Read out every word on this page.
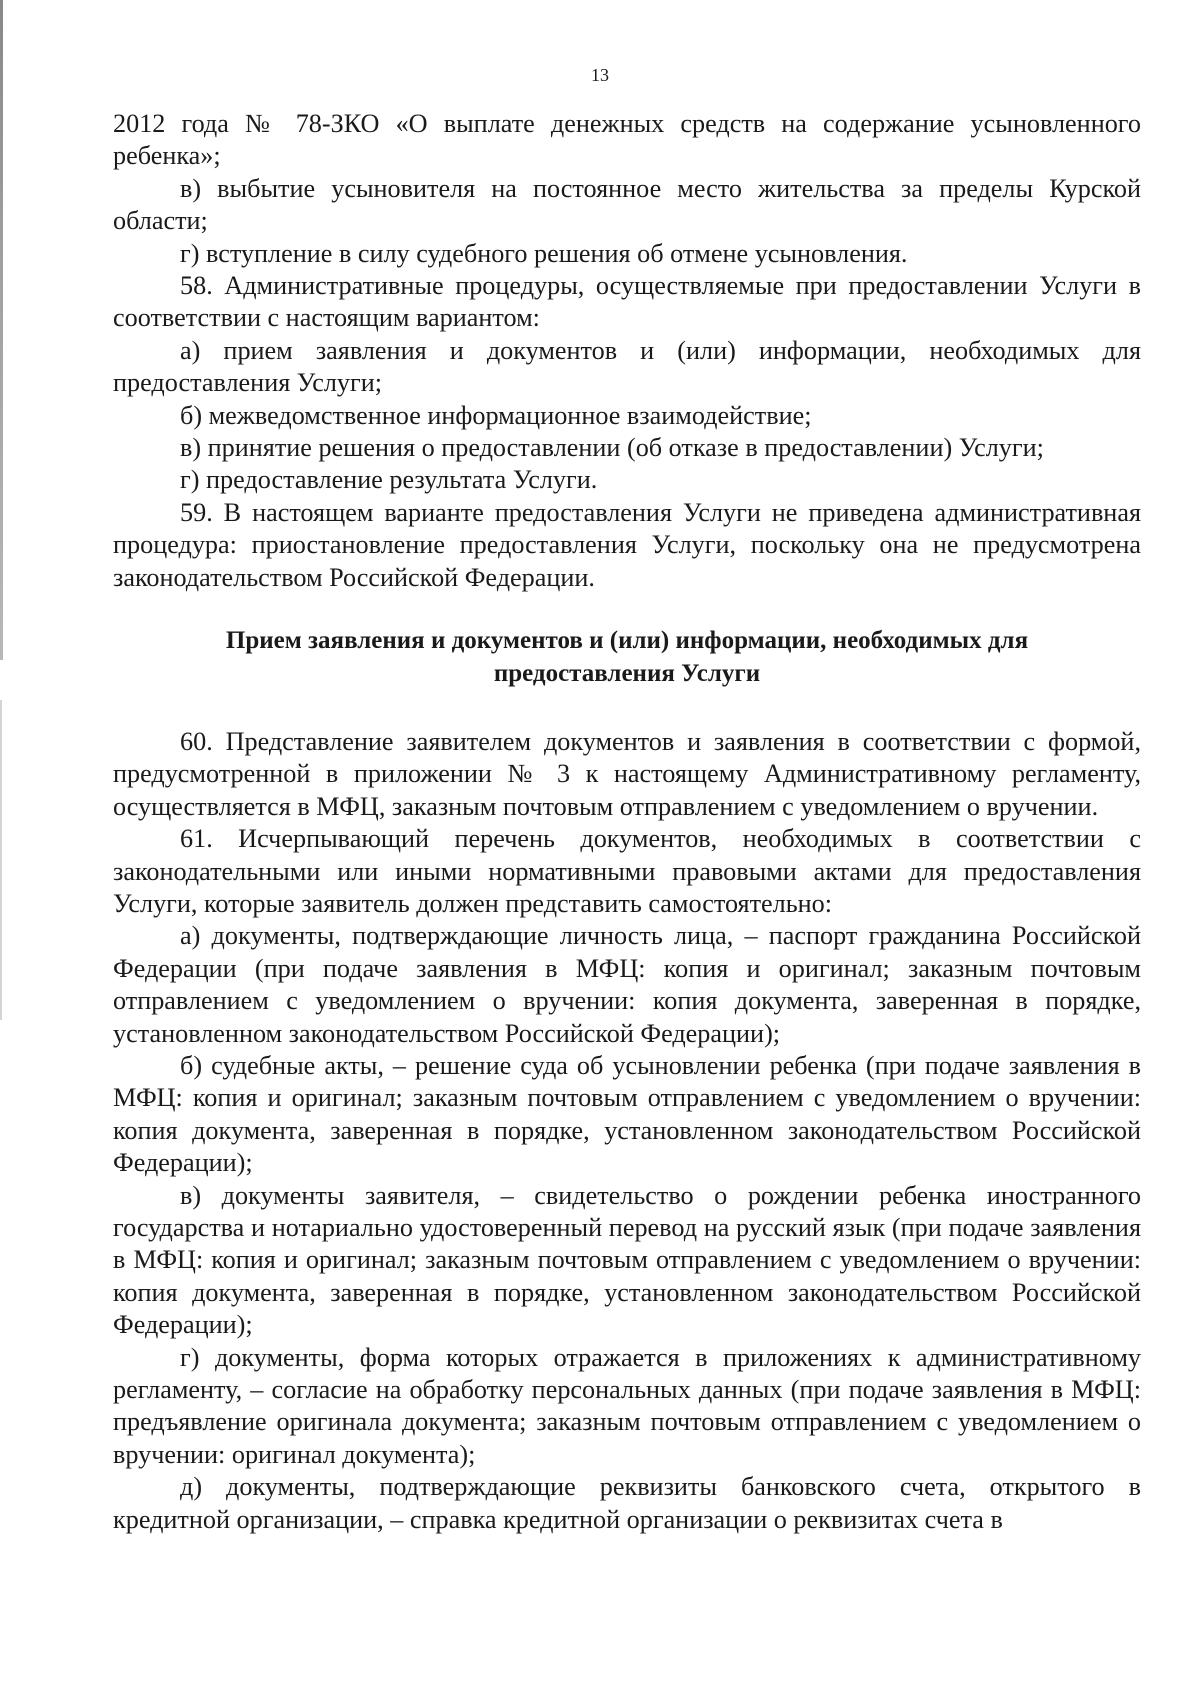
13

2012 года № 78-ЗКО «О выплате денежных средств на содержание усыновленного ребенка»;

в) выбытие усыновителя на постоянное место жительства за пределы Курской области;

г) вступление в силу судебного решения об отмене усыновления.

58. Административные процедуры, осуществляемые при предоставлении Услуги в соответствии с настоящим вариантом:

а) прием заявления и документов и (или) информации, необходимых для предоставления Услуги;

б) межведомственное информационное взаимодействие;

в) принятие решения о предоставлении (об отказе в предоставлении) Услуги;

г) предоставление результата Услуги.

59. В настоящем варианте предоставления Услуги не приведена административная процедура: приостановление предоставления Услуги, поскольку она не предусмотрена законодательством Российской Федерации.

Прием заявления и документов и (или) информации, необходимых для
предоставления Услуги

60. Представление заявителем документов и заявления в соответствии с формой, предусмотренной в приложении № 3 к настоящему Административному регламенту, осуществляется в МФЦ, заказным почтовым отправлением с уведомлением о вручении.

61. Исчерпывающий перечень документов, необходимых в соответствии с законодательными или иными нормативными правовыми актами для предоставления Услуги, которые заявитель должен представить самостоятельно:

а) документы, подтверждающие личность лица, – паспорт гражданина Российской Федерации (при подаче заявления в МФЦ: копия и оригинал; заказным почтовым отправлением с уведомлением о вручении: копия документа, заверенная в порядке, установленном законодательством Российской Федерации);

б) судебные акты, – решение суда об усыновлении ребенка (при подаче заявления в МФЦ: копия и оригинал; заказным почтовым отправлением с уведомлением о вручении: копия документа, заверенная в порядке, установленном законодательством Российской Федерации);

в) документы заявителя, – свидетельство о рождении ребенка иностранного государства и нотариально удостоверенный перевод на русский язык (при подаче заявления в МФЦ: копия и оригинал; заказным почтовым отправлением с уведомлением о вручении: копия документа, заверенная в порядке, установленном законодательством Российской Федерации);

г) документы, форма которых отражается в приложениях к административному регламенту, – согласие на обработку персональных данных (при подаче заявления в МФЦ: предъявление оригинала документа; заказным почтовым отправлением с уведомлением о вручении: оригинал документа);

д) документы, подтверждающие реквизиты банковского счета, открытого в кредитной организации, – справка кредитной организации о реквизитах счета в
